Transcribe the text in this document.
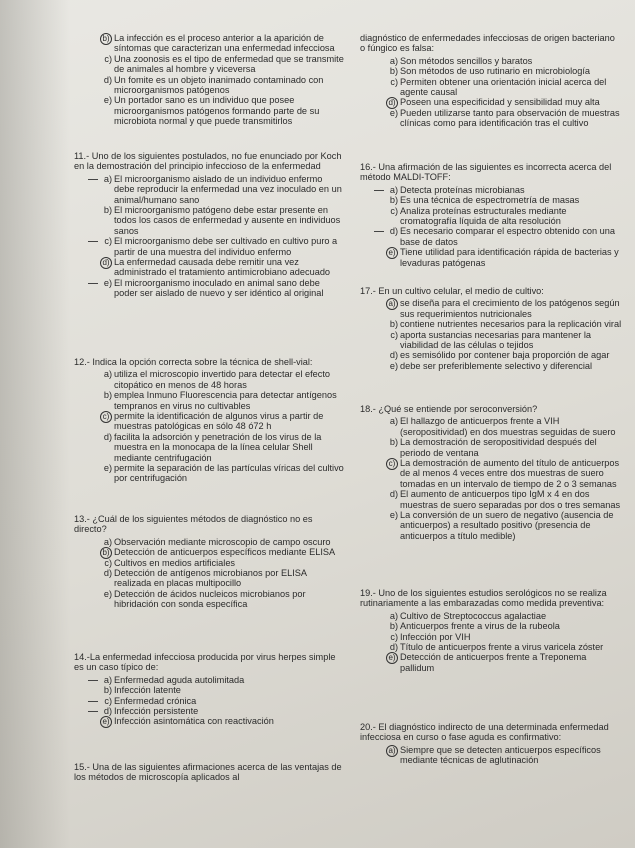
b) La infección es el proceso anterior a la aparición de síntomas que caracterizan una enfermedad infecciosa
c) Una zoonosis es el tipo de enfermedad que se transmite de animales al hombre y viceversa
d) Un fomite es un objeto inanimado contaminado con microorganismos patógenos
e) Un portador sano es un individuo que posee microorganismos patógenos formando parte de su microbiota normal y que puede transmitirlos
11.- Uno de los siguientes postulados, no fue enunciado por Koch en la demostración del principio infeccioso de la enfermedad
a) El microorganismo aislado de un individuo enfermo debe reproducir la enfermedad una vez inoculado en un animal/humano sano
b) El microorganismo patógeno debe estar presente en todos los casos de enfermedad y ausente en individuos sanos
c) El microorganismo debe ser cultivado en cultivo puro a partir de una muestra del individuo enfermo
d) La enfermedad causada debe remitir una vez administrado el tratamiento antimicrobiano adecuado
e) El microorganismo inoculado en animal sano debe poder ser aislado de nuevo y ser idéntico al original
12.- Indica la opción correcta sobre la técnica de shell-vial:
a) utiliza el microscopio invertido para detectar el efecto citopático en menos de 48 horas
b) emplea Inmuno Fluorescencia para detectar antígenos tempranos en virus no cultivables
c) permite la identificación de algunos virus a partir de muestras patológicas en sólo 48 ó72 h
d) facilita la adsorción y penetración de los virus de la muestra en la monocapa de la línea celular Shell mediante centrifugación
e) permite la separación de las partículas víricas del cultivo por centrifugación
13.- ¿Cuál de los siguientes métodos de diagnóstico no es directo?
a) Observación mediante microscopio de campo oscuro
b) Detección de anticuerpos específicos mediante ELISA
c) Cultivos en medios artificiales
d) Detección de antígenos microbianos por ELISA realizada en placas multipocillo
e) Detección de ácidos nucleicos microbianos por hibridación con sonda específica
14.-La enfermedad infecciosa producida por virus herpes simple es un caso típico de:
a) Enfermedad aguda autolimitada
b) Infección latente
c) Enfermedad crónica
d) Infección persistente
e) Infección asintomática con reactivación
15.- Una de las siguientes afirmaciones acerca de las ventajas de los métodos de microscopía aplicados al
diagnóstico de enfermedades infecciosas de origen bacteriano o fúngico es falsa:
a) Son métodos sencillos y baratos
b) Son métodos de uso rutinario en microbiología
c) Permiten obtener una orientación inicial acerca del agente causal
d) Poseen una especificidad y sensibilidad muy alta
e) Pueden utilizarse tanto para observación de muestras clínicas como para identificación tras el cultivo
16.- Una afirmación de las siguientes es incorrecta acerca del método MALDI-TOFF:
a) Detecta proteínas microbianas
b) Es una técnica de espectrometría de masas
c) Analiza proteínas estructurales mediante cromatografía líquida de alta resolución
d) Es necesario comparar el espectro obtenido con una base de datos
e) Tiene utilidad para identificación rápida de bacterias y levaduras patógenas
17.- En un cultivo celular, el medio de cultivo:
a) se diseña para el crecimiento de los patógenos según sus requerimientos nutricionales
b) contiene nutrientes necesarios para la replicación viral
c) aporta sustancias necesarias para mantener la viabilidad de las células o tejidos
d) es semisólido por contener baja proporción de agar
e) debe ser preferiblemente selectivo y diferencial
18.- ¿Qué se entiende por seroconversión?
a) El hallazgo de anticuerpos frente a VIH (seropositividad) en dos muestras seguidas de suero
b) La demostración de seropositividad después del periodo de ventana
c) La demostración de aumento del título de anticuerpos de al menos 4 veces entre dos muestras de suero tomadas en un intervalo de tiempo de 2 o 3 semanas
d) El aumento de anticuerpos tipo IgM x 4 en dos muestras de suero separadas por dos o tres semanas
e) La conversión de un suero de negativo (ausencia de anticuerpos) a resultado positivo (presencia de anticuerpos a título medible)
19.- Uno de los siguientes estudios serológicos no se realiza rutinariamente a las embarazadas como medida preventiva:
a) Cultivo de Streptococcus agalactiae
b) Anticuerpos frente a virus de la rubeola
c) Infección por VIH
d) Título de anticuerpos frente a virus varicela zóster
e) Detección de anticuerpos frente a Treponema pallidum
20.- El diagnóstico indirecto de una determinada enfermedad infecciosa en curso o fase aguda es confirmativo:
a) Siempre que se detecten anticuerpos específicos mediante técnicas de aglutinación
